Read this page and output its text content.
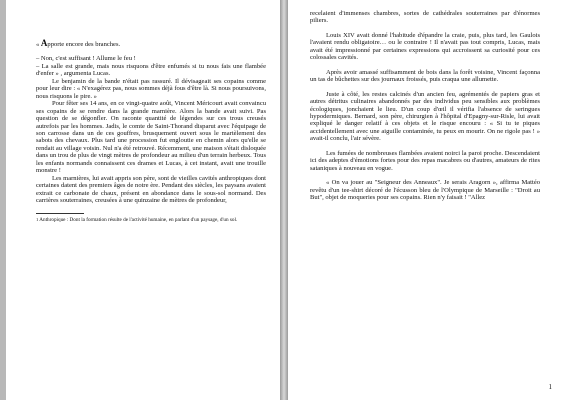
« Apporte encore des branches.

– Non, c'est suffisant ! Allume le feu !

– La salle est grande, mais nous risquons d'être enfumés si tu nous fais une flambée d'enfer » , argumenta Lucas.

Le benjamin de la bande n'était pas rassuré. Il dévisageait ses copains comme pour leur dire : « N'exagérez pas, nous sommes déjà fous d'être là. Si nous poursuivons, nous risquons le pire. »

Pour fêter ses 14 ans, en ce vingt-quatre août, Vincent Méricourt avait convaincu ses copains de se rendre dans la grande marnière. Alors la bande avait suivi. Pas question de se dégonfler. On raconte quantité de légendes sur ces trous creusés autrefois par les hommes. Jadis, le comte de Saint-Thorand disparut avec l'équipage de son carrosse dans un de ces gouffres, brusquement ouvert sous le martèlement des sabots des chevaux. Plus tard une procession fut engloutie en chemin alors qu'elle se rendait au village voisin. Nul n'a été retrouvé. Récemment, une maison s'était disloquée dans un trou de plus de vingt mètres de profondeur au milieu d'un terrain herbeux. Tous les enfants normands connaissent ces drames et Lucas, à cet instant, avait une trouille monstre !

Les marnières, lui avait appris son père, sont de vieilles cavités anthropiques dont certaines datent des premiers âges de notre ère. Pendant des siècles, les paysans avaient extrait ce carbonate de chaux, présent en abondance dans le sous-sol normand. Des carrières souterraines, creusées à une quinzaine de mètres de profondeur,

1 Anthropique : Dont la formation résulte de l'activité humaine, en parlant d'un paysage, d'un sol.

recelaient d'immenses chambres, sortes de cathédrales souterraines par d'énormes piliers.

Louis XIV avait donné l'habitude d'épandre la craie, puis, plus tard, les Gaulois l'avaient rendu obligatoire… ou le contraire ! Il n'avait pas tout compris, Lucas, mais avait été impressionné par certaines expressions qui accroissent sa curiosité pour ces colossales cavités.

Après avoir amassé suffisamment de bois dans la forêt voisine, Vincent façonna un tas de bûchettes sur des journaux froissés, puis craqua une allumette.

Juste à côté, les restes calcinés d'un ancien feu, agrémentés de papiers gras et autres détritus culinaires abandonnés par des individus peu sensibles aux problèmes écologiques, jonchaient le lieu. D'un coup d'œil il vérifia l'absence de seringues hypodermiques. Bernard, son père, chirurgien à l'hôpital d'Epagny-sur-Risle, lui avait expliqué le danger relatif à ces objets et le risque encouru : « Si tu te piques accidentellement avec une aiguille contaminée, tu peux en mourir. On ne rigole pas ! » avait-il conclu, l'air sévère.

Les fumées de nombreuses flambées avaient noirci la paroi proche. Descendaient ici des adeptes d'émotions fortes pour des repas macabres ou d'autres, amateurs de rites sataniques à nouveau en vogue.

« On va jouer au "Seigneur des Anneaux". Je serais Aragorn », affirma Mattéo revêtu d'un tee-shirt décoré de l'écusson bleu de l'Olympique de Marseille : "Droit au But", objet de moqueries pour ses copains. Rien n'y faisait ! "Allez

1
